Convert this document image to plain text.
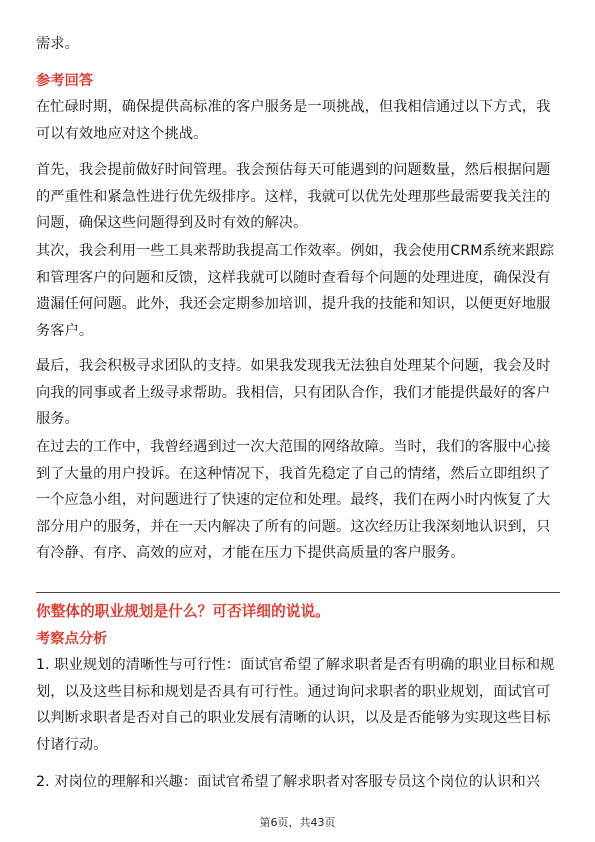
需求。

参考回答

在忙碌时期，确保提供高标准的客户服务是一项挑战，但我相信通过以下方式，我可以有效地应对这个挑战。

首先，我会提前做好时间管理。我会预估每天可能遇到的问题数量，然后根据问题的严重性和紧急性进行优先级排序。这样，我就可以优先处理那些最需要我关注的问题，确保这些问题得到及时有效的解决。

其次，我会利用一些工具来帮助我提高工作效率。例如，我会使用CRM系统来跟踪和管理客户的问题和反馈，这样我就可以随时查看每个问题的处理进度，确保没有遗漏任何问题。此外，我还会定期参加培训，提升我的技能和知识，以便更好地服务客户。

最后，我会积极寻求团队的支持。如果我发现我无法独自处理某个问题，我会及时向我的同事或者上级寻求帮助。我相信，只有团队合作，我们才能提供最好的客户服务。

在过去的工作中，我曾经遇到过一次大范围的网络故障。当时，我们的客服中心接到了大量的用户投诉。在这种情况下，我首先稳定了自己的情绪，然后立即组织了一个应急小组，对问题进行了快速的定位和处理。最终，我们在两小时内恢复了大部分用户的服务，并在一天内解决了所有的问题。这次经历让我深刻地认识到，只有冷静、有序、高效的应对，才能在压力下提供高质量的客户服务。

你整体的职业规划是什么？可否详细的说说。

考察点分析

1. 职业规划的清晰性与可行性：面试官希望了解求职者是否有明确的职业目标和规划，以及这些目标和规划是否具有可行性。通过询问求职者的职业规划，面试官可以判断求职者是否对自己的职业发展有清晰的认识，以及是否能够为实现这些目标付诸行动。

2. 对岗位的理解和兴趣：面试官希望了解求职者对客服专员这个岗位的认识和兴

第6页，共43页
